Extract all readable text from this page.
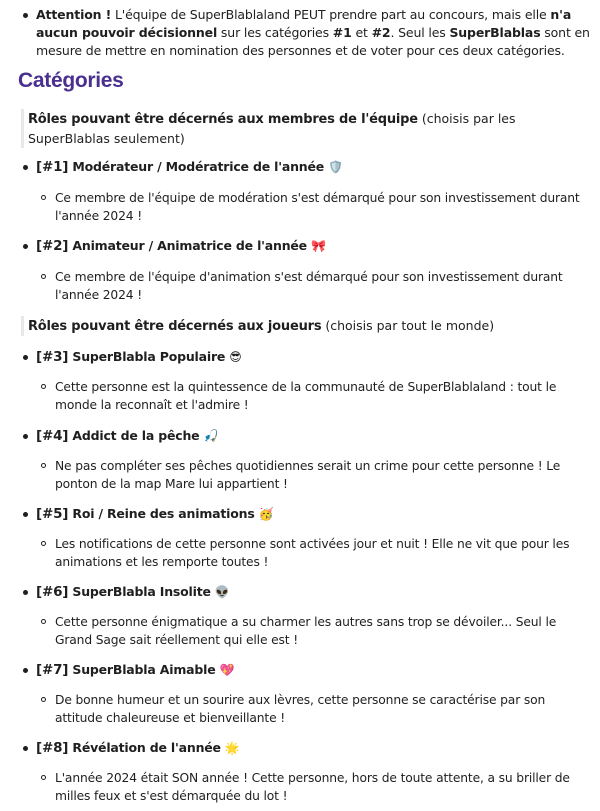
Attention ! L'équipe de SuperBlablaland PEUT prendre part au concours, mais elle n'a aucun pouvoir décisionnel sur les catégories #1 et #2. Seul les SuperBlablas sont en mesure de mettre en nomination des personnes et de voter pour ces deux catégories.
Catégories
Rôles pouvant être décernés aux membres de l'équipe (choisis par les SuperBlablas seulement)
[#1] Modérateur / Modératrice de l'année 🛡️
Ce membre de l'équipe de modération s'est démarqué pour son investissement durant l'année 2024 !
[#2] Animateur / Animatrice de l'année 🎀
Ce membre de l'équipe d'animation s'est démarqué pour son investissement durant l'année 2024 !
Rôles pouvant être décernés aux joueurs (choisis par tout le monde)
[#3] SuperBlabla Populaire 😎
Cette personne est la quintessence de la communauté de SuperBlablaland : tout le monde la reconnaît et l'admire !
[#4] Addict de la pêche 🎣
Ne pas compléter ses pêches quotidiennes serait un crime pour cette personne ! Le ponton de la map Mare lui appartient !
[#5] Roi / Reine des animations 🥳
Les notifications de cette personne sont activées jour et nuit ! Elle ne vit que pour les animations et les remporte toutes !
[#6] SuperBlabla Insolite 👽
Cette personne énigmatique a su charmer les autres sans trop se dévoiler... Seul le Grand Sage sait réellement qui elle est !
[#7] SuperBlabla Aimable 💖
De bonne humeur et un sourire aux lèvres, cette personne se caractérise par son attitude chaleureuse et bienveillante !
[#8] Révélation de l'année 🌟
L'année 2024 était SON année ! Cette personne, hors de toute attente, a su briller de milles feux et s'est démarquée du lot !
